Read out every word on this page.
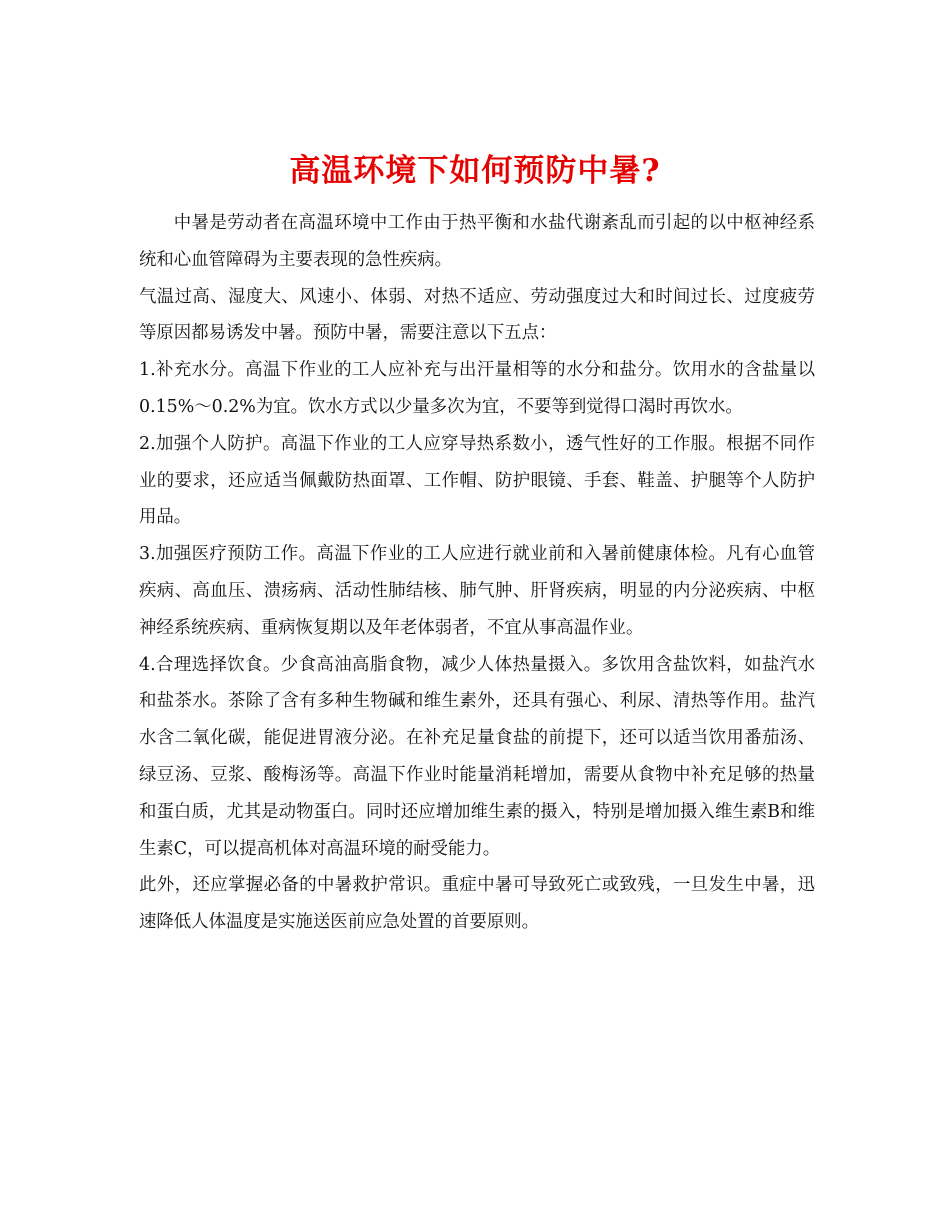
高温环境下如何预防中暑?

中暑是劳动者在高温环境中工作由于热平衡和水盐代谢紊乱而引起的以中枢神经系统和心血管障碍为主要表现的急性疾病。

气温过高、湿度大、风速小、体弱、对热不适应、劳动强度过大和时间过长、过度疲劳等原因都易诱发中暑。预防中暑，需要注意以下五点：

1.补充水分。高温下作业的工人应补充与出汗量相等的水分和盐分。饮用水的含盐量以0.15%～0.2%为宜。饮水方式以少量多次为宜，不要等到觉得口渴时再饮水。

2.加强个人防护。高温下作业的工人应穿导热系数小，透气性好的工作服。根据不同作业的要求，还应适当佩戴防热面罩、工作帽、防护眼镜、手套、鞋盖、护腿等个人防护用品。

3.加强医疗预防工作。高温下作业的工人应进行就业前和入暑前健康体检。凡有心血管疾病、高血压、溃疡病、活动性肺结核、肺气肿、肝肾疾病，明显的内分泌疾病、中枢神经系统疾病、重病恢复期以及年老体弱者，不宜从事高温作业。

4.合理选择饮食。少食高油高脂食物，减少人体热量摄入。多饮用含盐饮料，如盐汽水和盐茶水。茶除了含有多种生物碱和维生素外，还具有强心、利尿、清热等作用。盐汽水含二氧化碳，能促进胃液分泌。在补充足量食盐的前提下，还可以适当饮用番茄汤、绿豆汤、豆浆、酸梅汤等。高温下作业时能量消耗增加，需要从食物中补充足够的热量和蛋白质，尤其是动物蛋白。同时还应增加维生素的摄入，特别是增加摄入维生素B和维生素C，可以提高机体对高温环境的耐受能力。

此外，还应掌握必备的中暑救护常识。重症中暑可导致死亡或致残，一旦发生中暑，迅速降低人体温度是实施送医前应急处置的首要原则。
